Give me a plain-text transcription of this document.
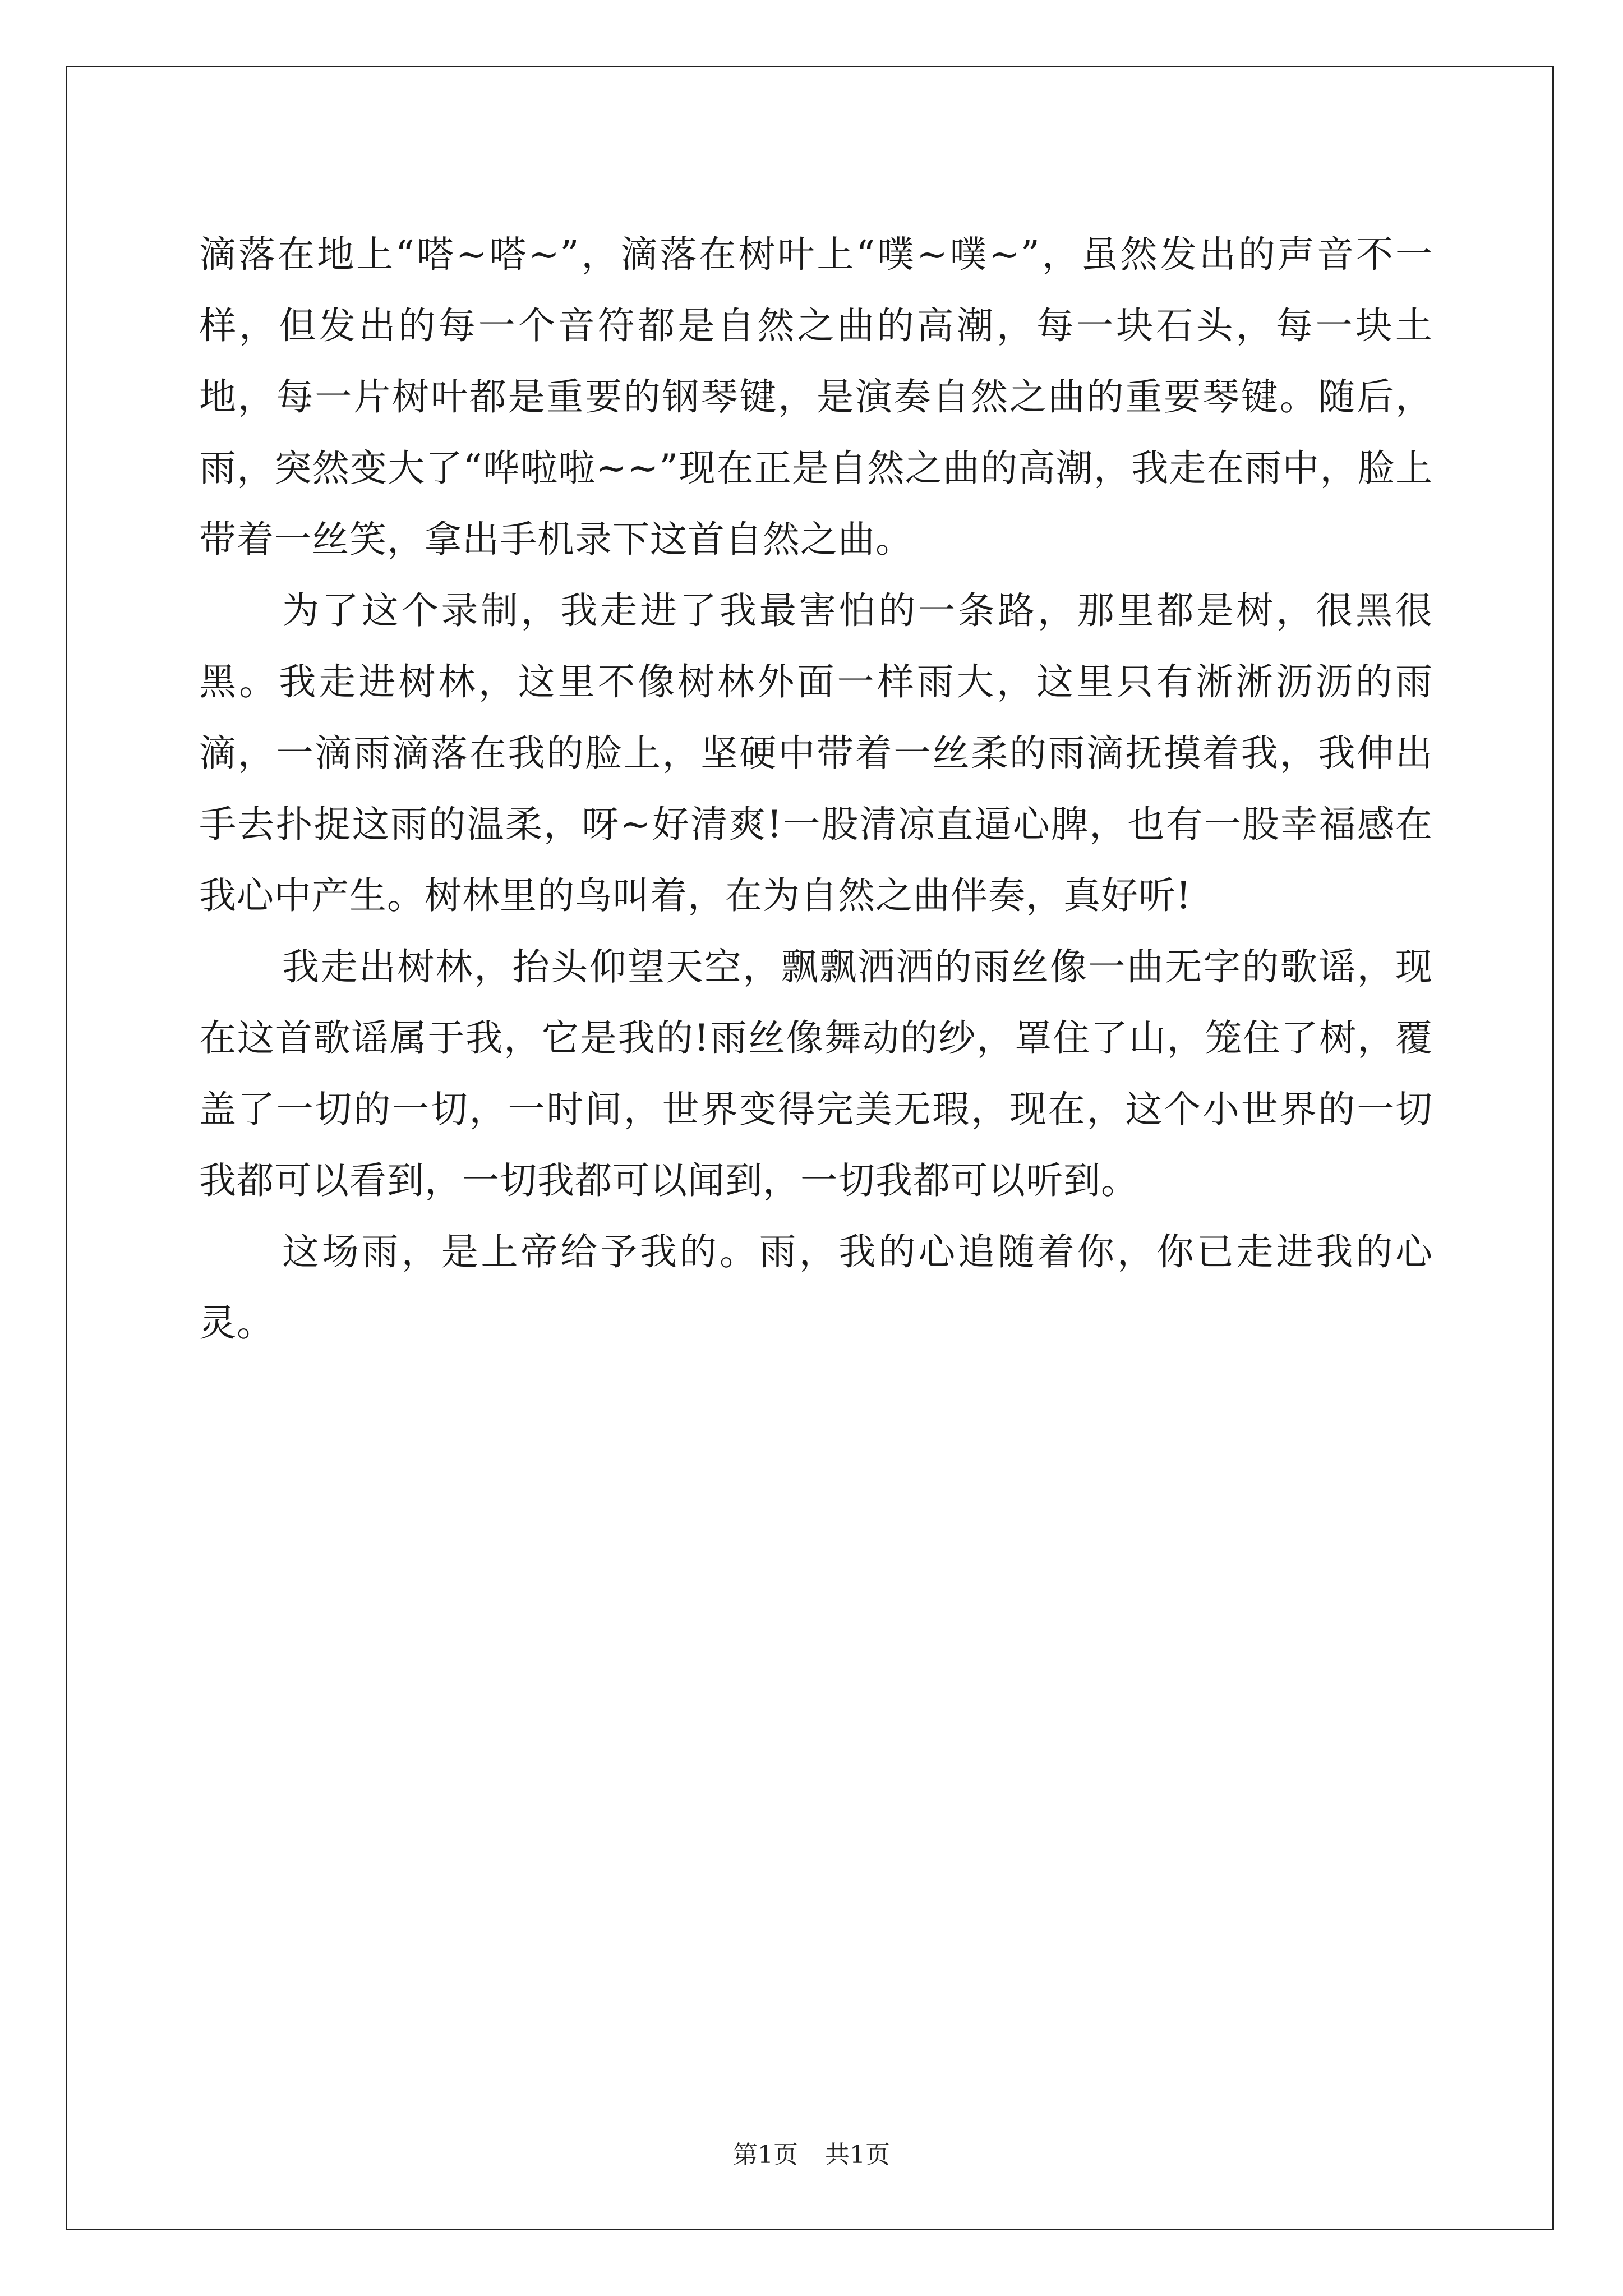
滴落在地上“嗒~嗒~”，滴落在树叶上“噗~噗~”，虽然发出的声音不一样，但发出的每一个音符都是自然之曲的高潮，每一块石头，每一块土地，每一片树叶都是重要的钢琴键，是演奏自然之曲的重要琴键。随后，雨，突然变大了“哗啦啦~~”现在正是自然之曲的高潮，我走在雨中，脸上带着一丝笑，拿出手机录下这首自然之曲。

为了这个录制，我走进了我最害怕的一条路，那里都是树，很黑很黑。我走进树林，这里不像树林外面一样雨大，这里只有淅淅沥沥的雨滴，一滴雨滴落在我的脸上，坚硬中带着一丝柔的雨滴抚摸着我，我伸出手去扑捉这雨的温柔，呀~好清爽!一股清凉直逼心脾，也有一股幸福感在我心中产生。树林里的鸟叫着，在为自然之曲伴奏，真好听!

我走出树林，抬头仰望天空，飘飘洒洒的雨丝像一曲无字的歌谣，现在这首歌谣属于我，它是我的!雨丝像舞动的纱，罩住了山，笼住了树，覆盖了一切的一切，一时间，世界变得完美无瑕，现在，这个小世界的一切我都可以看到，一切我都可以闻到，一切我都可以听到。

这场雨，是上帝给予我的。雨，我的心追随着你，你已走进我的心灵。

第1页 共1页
